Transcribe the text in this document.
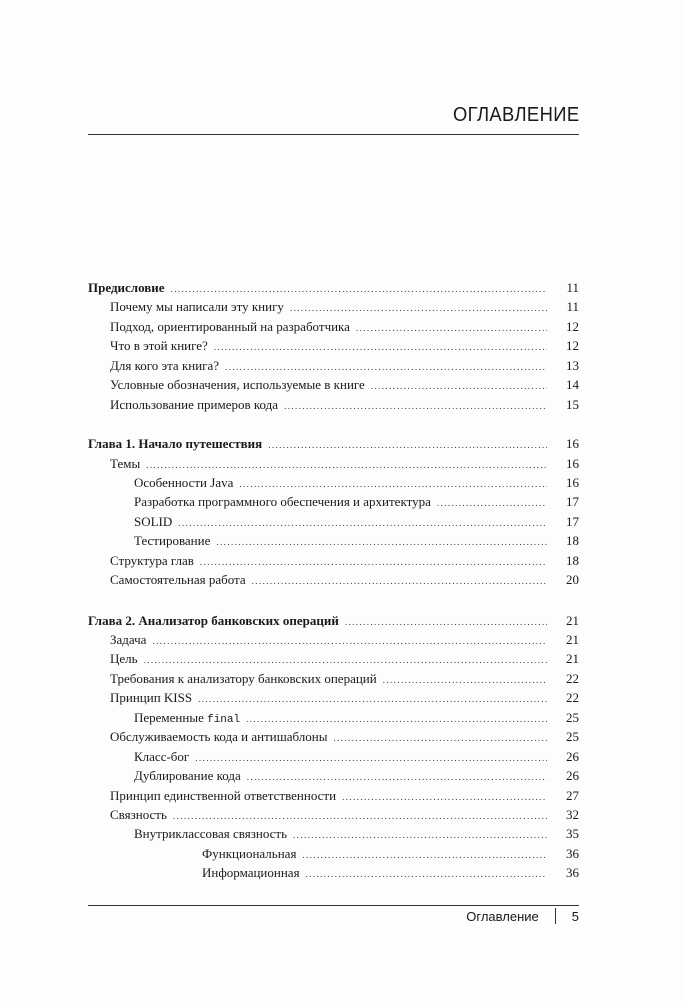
ОГЛАВЛЕНИЕ
Предисловие .....	11
Почему мы написали эту книгу .....	11
Подход, ориентированный на разработчика .....	12
Что в этой книге? .....	12
Для кого эта книга? .....	13
Условные обозначения, используемые в книге .....	14
Использование примеров кода .....	15
Глава 1. Начало путешествия .....	16
Темы .....	16
Особенности Java .....	16
Разработка программного обеспечения и архитектура .....	17
SOLID .....	17
Тестирование .....	18
Структура глав .....	18
Самостоятельная работа .....	20
Глава 2. Анализатор банковских операций .....	21
Задача .....	21
Цель .....	21
Требования к анализатору банковских операций .....	22
Принцип KISS .....	22
Переменные final .....	25
Обслуживаемость кода и антишаблоны .....	25
Класс-бог .....	26
Дублирование кода .....	26
Принцип единственной ответственности .....	27
Связность .....	32
Внутриклассовая связность .....	35
Функциональная .....	36
Информационная .....	36
Оглавление	5
